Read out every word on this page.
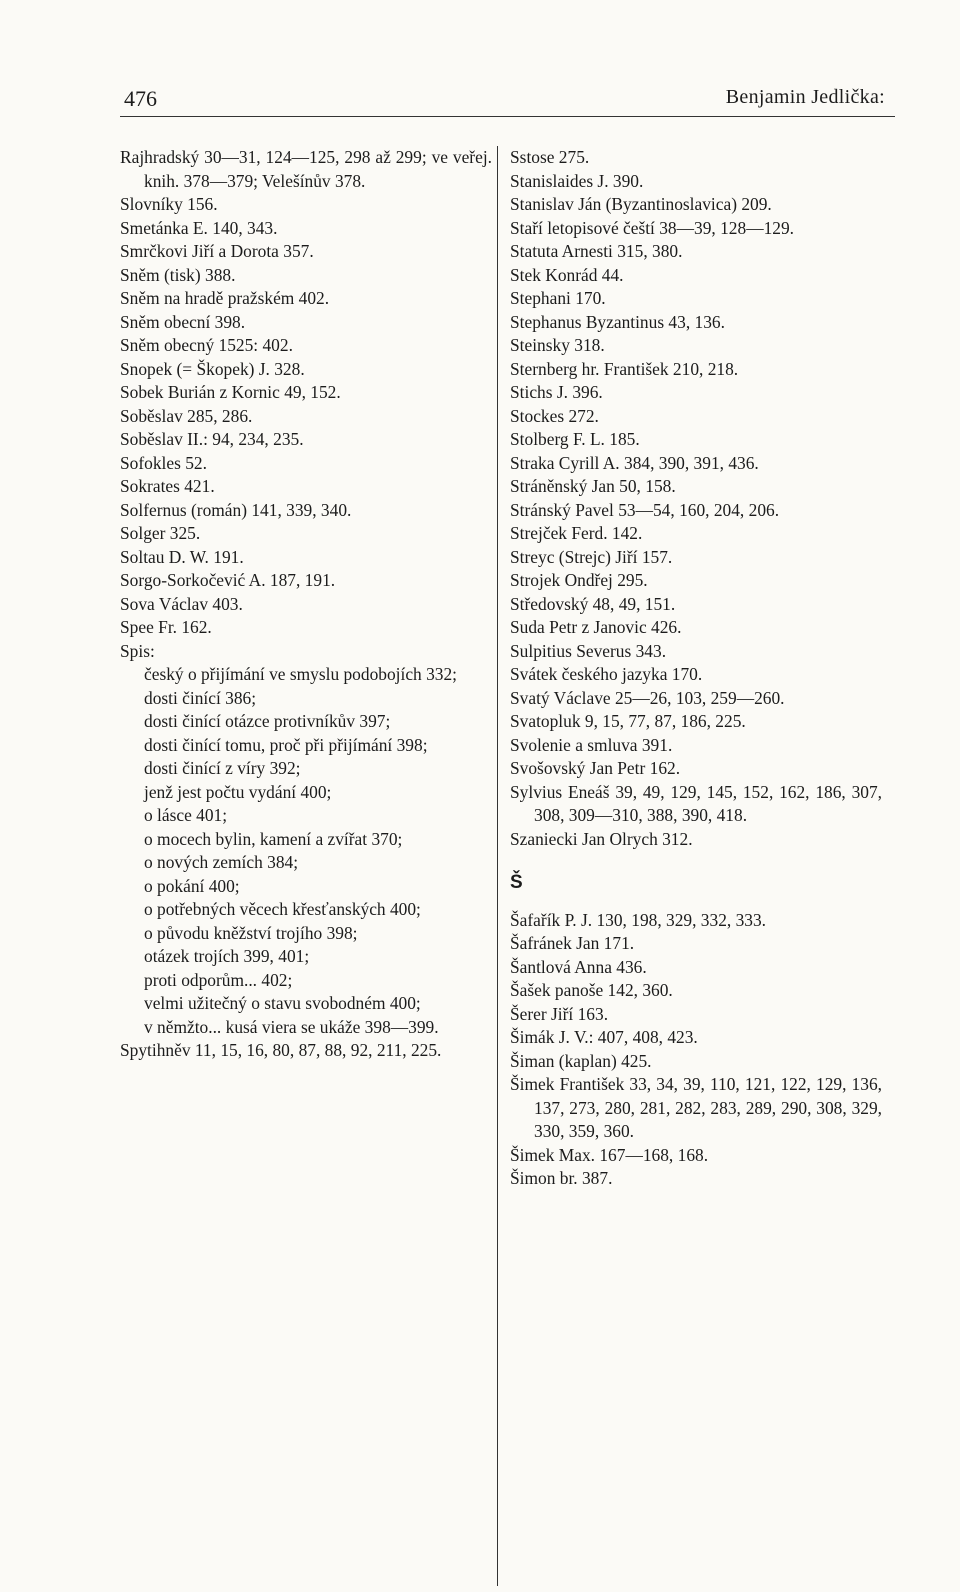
476	Benjamin Jedlička:
Rajhradský 30—31, 124—125, 298 až 299; ve veřej. knih. 378—379; Velešínův 378.
Slovníky 156.
Smetánka E. 140, 343.
Smrčkovi Jiří a Dorota 357.
Sněm (tisk) 388.
Sněm na hradě pražském 402.
Sněm obecní 398.
Sněm obecný 1525: 402.
Snopek (= Škopek) J. 328.
Sobek Burián z Kornic 49, 152.
Soběslav 285, 286.
Soběslav II.: 94, 234, 235.
Sofokles 52.
Sokrates 421.
Solfernus (román) 141, 339, 340.
Solger 325.
Soltau D. W. 191.
Sorgo-Sorkočević A. 187, 191.
Sova Václav 403.
Spee Fr. 162.
Spis:
český o přijímání ve smyslu podobojích 332;
dosti činící 386;
dosti činící otázce protivníkův 397;
dosti činící tomu, proč při přijímání 398;
dosti činící z víry 392;
jenž jest počtu vydání 400;
o lásce 401;
o mocech bylin, kamení a zvířat 370;
o nových zemích 384;
o pokání 400;
o potřebných věcech křesťanských 400;
o původu kněžství trojího 398;
otázek trojích 399, 401;
proti odporům... 402;
velmi užitečný o stavu svobodném 400;
v němžto... kusá viera se ukáže 398—399.
Spytihněv 11, 15, 16, 80, 87, 88, 92, 211, 225.
Sstose 275.
Stanislaides J. 390.
Stanislav Ján (Byzantinoslavica) 209.
Staří letopisové čeští 38—39, 128—129.
Statuta Arnesti 315, 380.
Stek Konrád 44.
Stephani 170.
Stephanus Byzantinus 43, 136.
Steinsky 318.
Sternberg hr. František 210, 218.
Stichs J. 396.
Stockes 272.
Stolberg F. L. 185.
Straka Cyrill A. 384, 390, 391, 436.
Stráněnský Jan 50, 158.
Stránský Pavel 53—54, 160, 204, 206.
Strejček Ferd. 142.
Streyc (Strejc) Jiří 157.
Strojek Ondřej 295.
Středovský 48, 49, 151.
Suda Petr z Janovic 426.
Sulpitius Severus 343.
Svátek českého jazyka 170.
Svatý Václave 25—26, 103, 259—260.
Svatopluk 9, 15, 77, 87, 186, 225.
Svolenie a smluva 391.
Svošovský Jan Petr 162.
Sylvius Eneáš 39, 49, 129, 145, 152, 162, 186, 307, 308, 309—310, 388, 390, 418.
Szaniecki Jan Olrych 312.
Š
Šafařík P. J. 130, 198, 329, 332, 333.
Šafránek Jan 171.
Šantlová Anna 436.
Šašek panoše 142, 360.
Šerer Jiří 163.
Šimák J. V.: 407, 408, 423.
Šiman (kaplan) 425.
Šimek František 33, 34, 39, 110, 121, 122, 129, 136, 137, 273, 280, 281, 282, 283, 289, 290, 308, 329, 330, 359, 360.
Šimek Max. 167—168, 168.
Šimon br. 387.
